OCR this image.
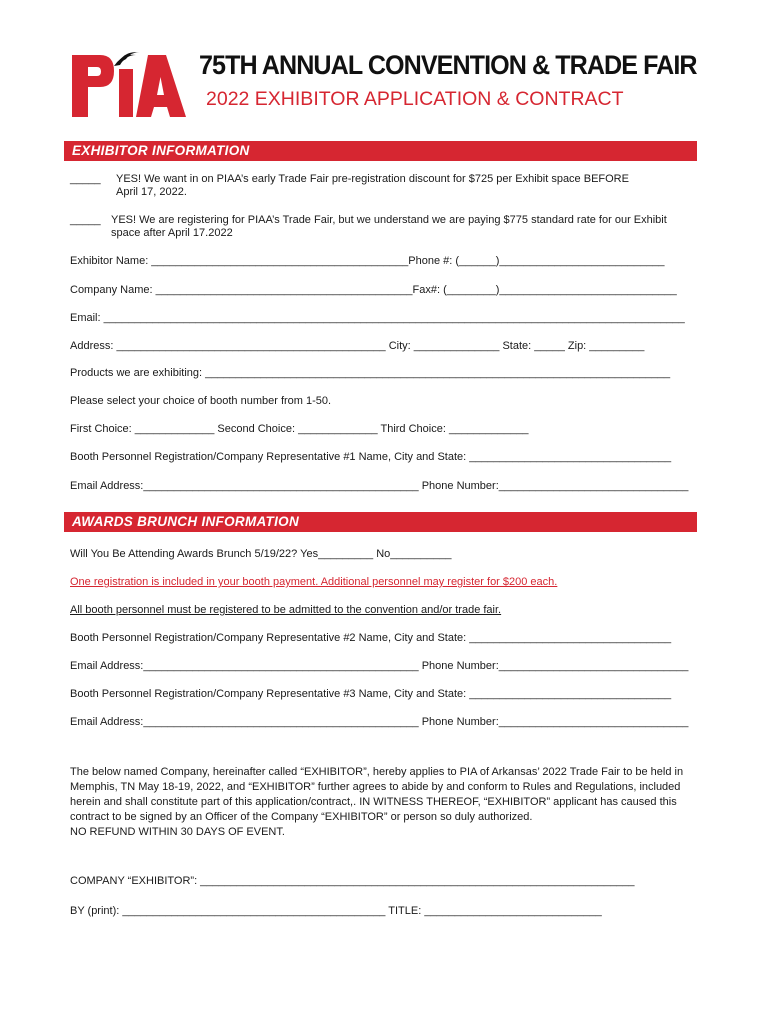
75TH ANNUAL CONVENTION & TRADE FAIR
2022 EXHIBITOR APPLICATION & CONTRACT
EXHIBITOR INFORMATION
_____ YES! We want in on PIAA’s early Trade Fair pre-registration discount for $725 per Exhibit space BEFORE
April 17, 2022.
_____ YES! We are registering for PIAA’s Trade Fair, but we understand we are paying $775 standard rate for our Exhibit
space after April 17.2022
Exhibitor Name: __________________________________________Phone #: (______)___________________________
Company Name: __________________________________________Fax#: (________)_____________________________
Email: _______________________________________________________________________________________________
Address: ____________________________________________ City: ______________ State: _____ Zip: _________
Products we are exhibiting: ____________________________________________________________________________
Please select your choice of booth number from 1-50.
First Choice: _____________ Second Choice: _____________ Third Choice: _____________
Booth Personnel Registration/Company Representative #1 Name, City and State: _________________________________
Email Address:_____________________________________________ Phone Number:_______________________________
AWARDS BRUNCH INFORMATION
Will You Be Attending Awards Brunch 5/19/22? Yes_________ No__________
One registration is included in your booth payment. Additional personnel may register for $200 each.
All booth personnel must be registered to be admitted to the convention and/or trade fair.
Booth Personnel Registration/Company Representative #2 Name, City and State: _________________________________
Email Address:_____________________________________________ Phone Number:_______________________________
Booth Personnel Registration/Company Representative #3 Name, City and State: _________________________________
Email Address:_____________________________________________ Phone Number:_______________________________
The below named Company, hereinafter called “EXHIBITOR”, hereby applies to PIA of Arkansas’ 2022 Trade Fair to be held in
Memphis, TN May 18-19, 2022, and “EXHIBITOR” further agrees to abide by and conform to Rules and Regulations, included
herein and shall constitute part of this application/contract,. IN WITNESS THEREOF, “EXHIBITOR” applicant has caused this
contract to be signed by an Officer of the Company “EXHIBITOR” or person so duly authorized.
NO REFUND WITHIN 30 DAYS OF EVENT.
COMPANY “EXHIBITOR”: _______________________________________________________________________
BY (print): ___________________________________________ TITLE: _____________________________
